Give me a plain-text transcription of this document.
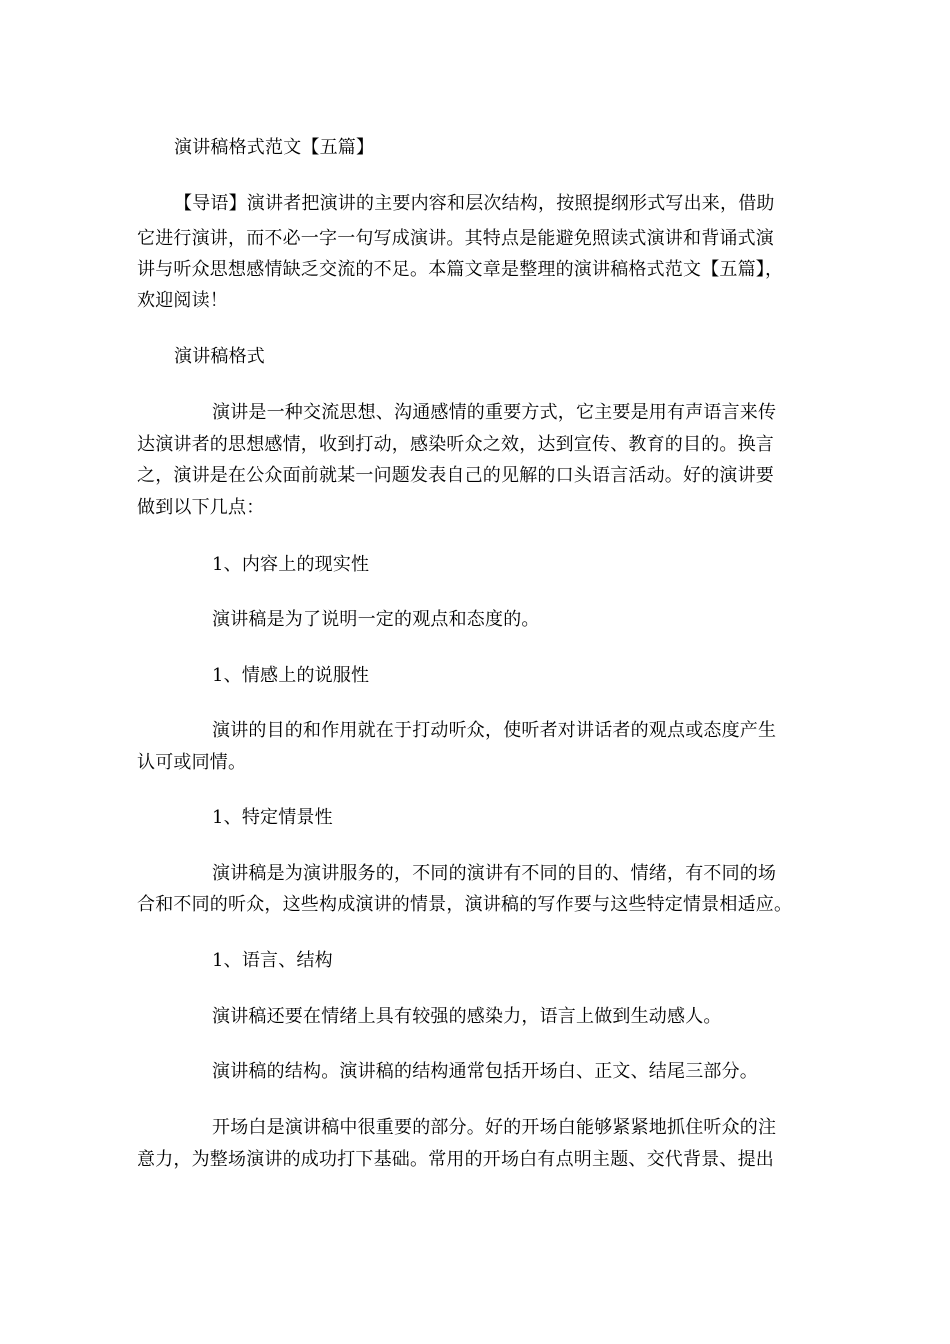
演讲稿格式范文【五篇】
【导语】演讲者把演讲的主要内容和层次结构，按照提纲形式写出来，借助
它进行演讲，而不必一字一句写成演讲。其特点是能避免照读式演讲和背诵式演
讲与听众思想感情缺乏交流的不足。本篇文章是整理的演讲稿格式范文【五篇】，
欢迎阅读！
演讲稿格式
演讲是一种交流思想、沟通感情的重要方式，它主要是用有声语言来传
达演讲者的思想感情，收到打动，感染听众之效，达到宣传、教育的目的。换言
之，演讲是在公众面前就某一问题发表自己的见解的口头语言活动。好的演讲要
做到以下几点：
1、内容上的现实性
演讲稿是为了说明一定的观点和态度的。
1、情感上的说服性
演讲的目的和作用就在于打动听众，使听者对讲话者的观点或态度产生
认可或同情。
1、特定情景性
演讲稿是为演讲服务的，不同的演讲有不同的目的、情绪，有不同的场
合和不同的听众，这些构成演讲的情景，演讲稿的写作要与这些特定情景相适应。
1、语言、结构
演讲稿还要在情绪上具有较强的感染力，语言上做到生动感人。
演讲稿的结构。演讲稿的结构通常包括开场白、正文、结尾三部分。
开场白是演讲稿中很重要的部分。好的开场白能够紧紧地抓住听众的注
意力，为整场演讲的成功打下基础。常用的开场白有点明主题、交代背景、提出
